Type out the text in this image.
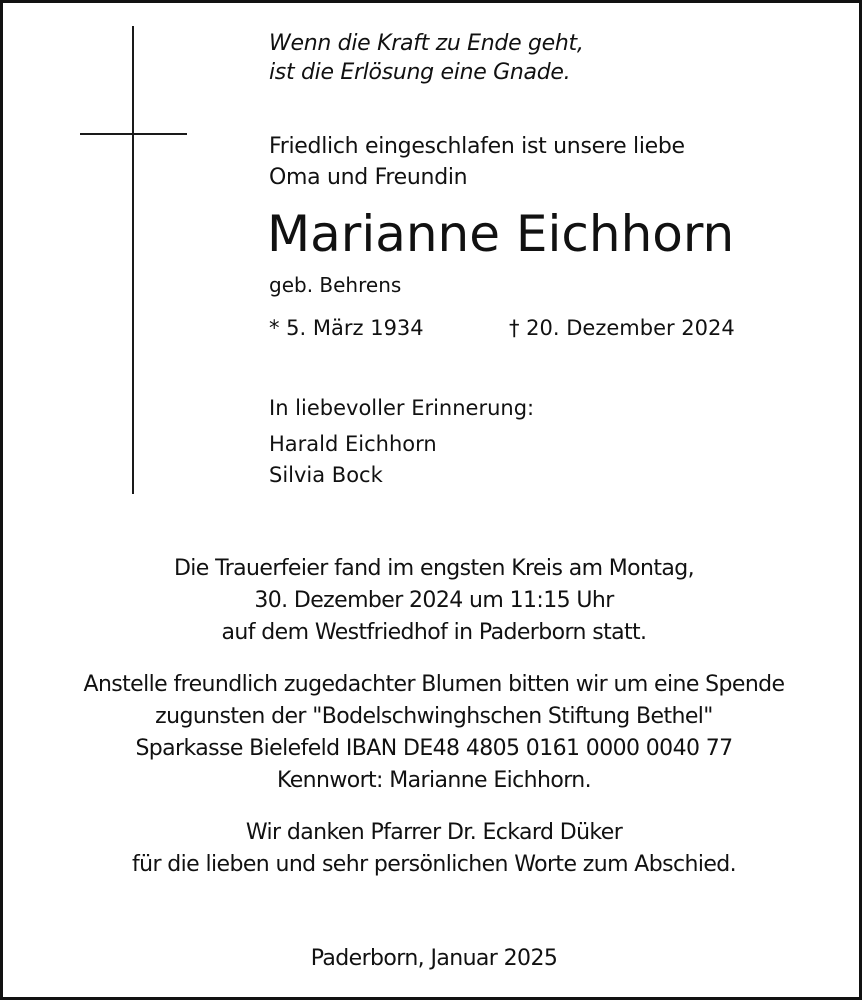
Wenn die Kraft zu Ende geht,
ist die Erlösung eine Gnade.
Friedlich eingeschlafen ist unsere liebe
Oma und Freundin
Marianne Eichhorn
geb. Behrens
* 5. März 1934	† 20. Dezember 2024
In liebevoller Erinnerung:
Harald Eichhorn
Silvia Bock
Die Trauerfeier fand im engsten Kreis am Montag,
30. Dezember 2024 um 11:15 Uhr
auf dem Westfriedhof in Paderborn statt.
Anstelle freundlich zugedachter Blumen bitten wir um eine Spende
zugunsten der "Bodelschwinghschen Stiftung Bethel"
Sparkasse Bielefeld IBAN DE48 4805 0161 0000 0040 77
Kennwort: Marianne Eichhorn.
Wir danken Pfarrer Dr. Eckard Düker
für die lieben und sehr persönlichen Worte zum Abschied.
Paderborn, Januar 2025
